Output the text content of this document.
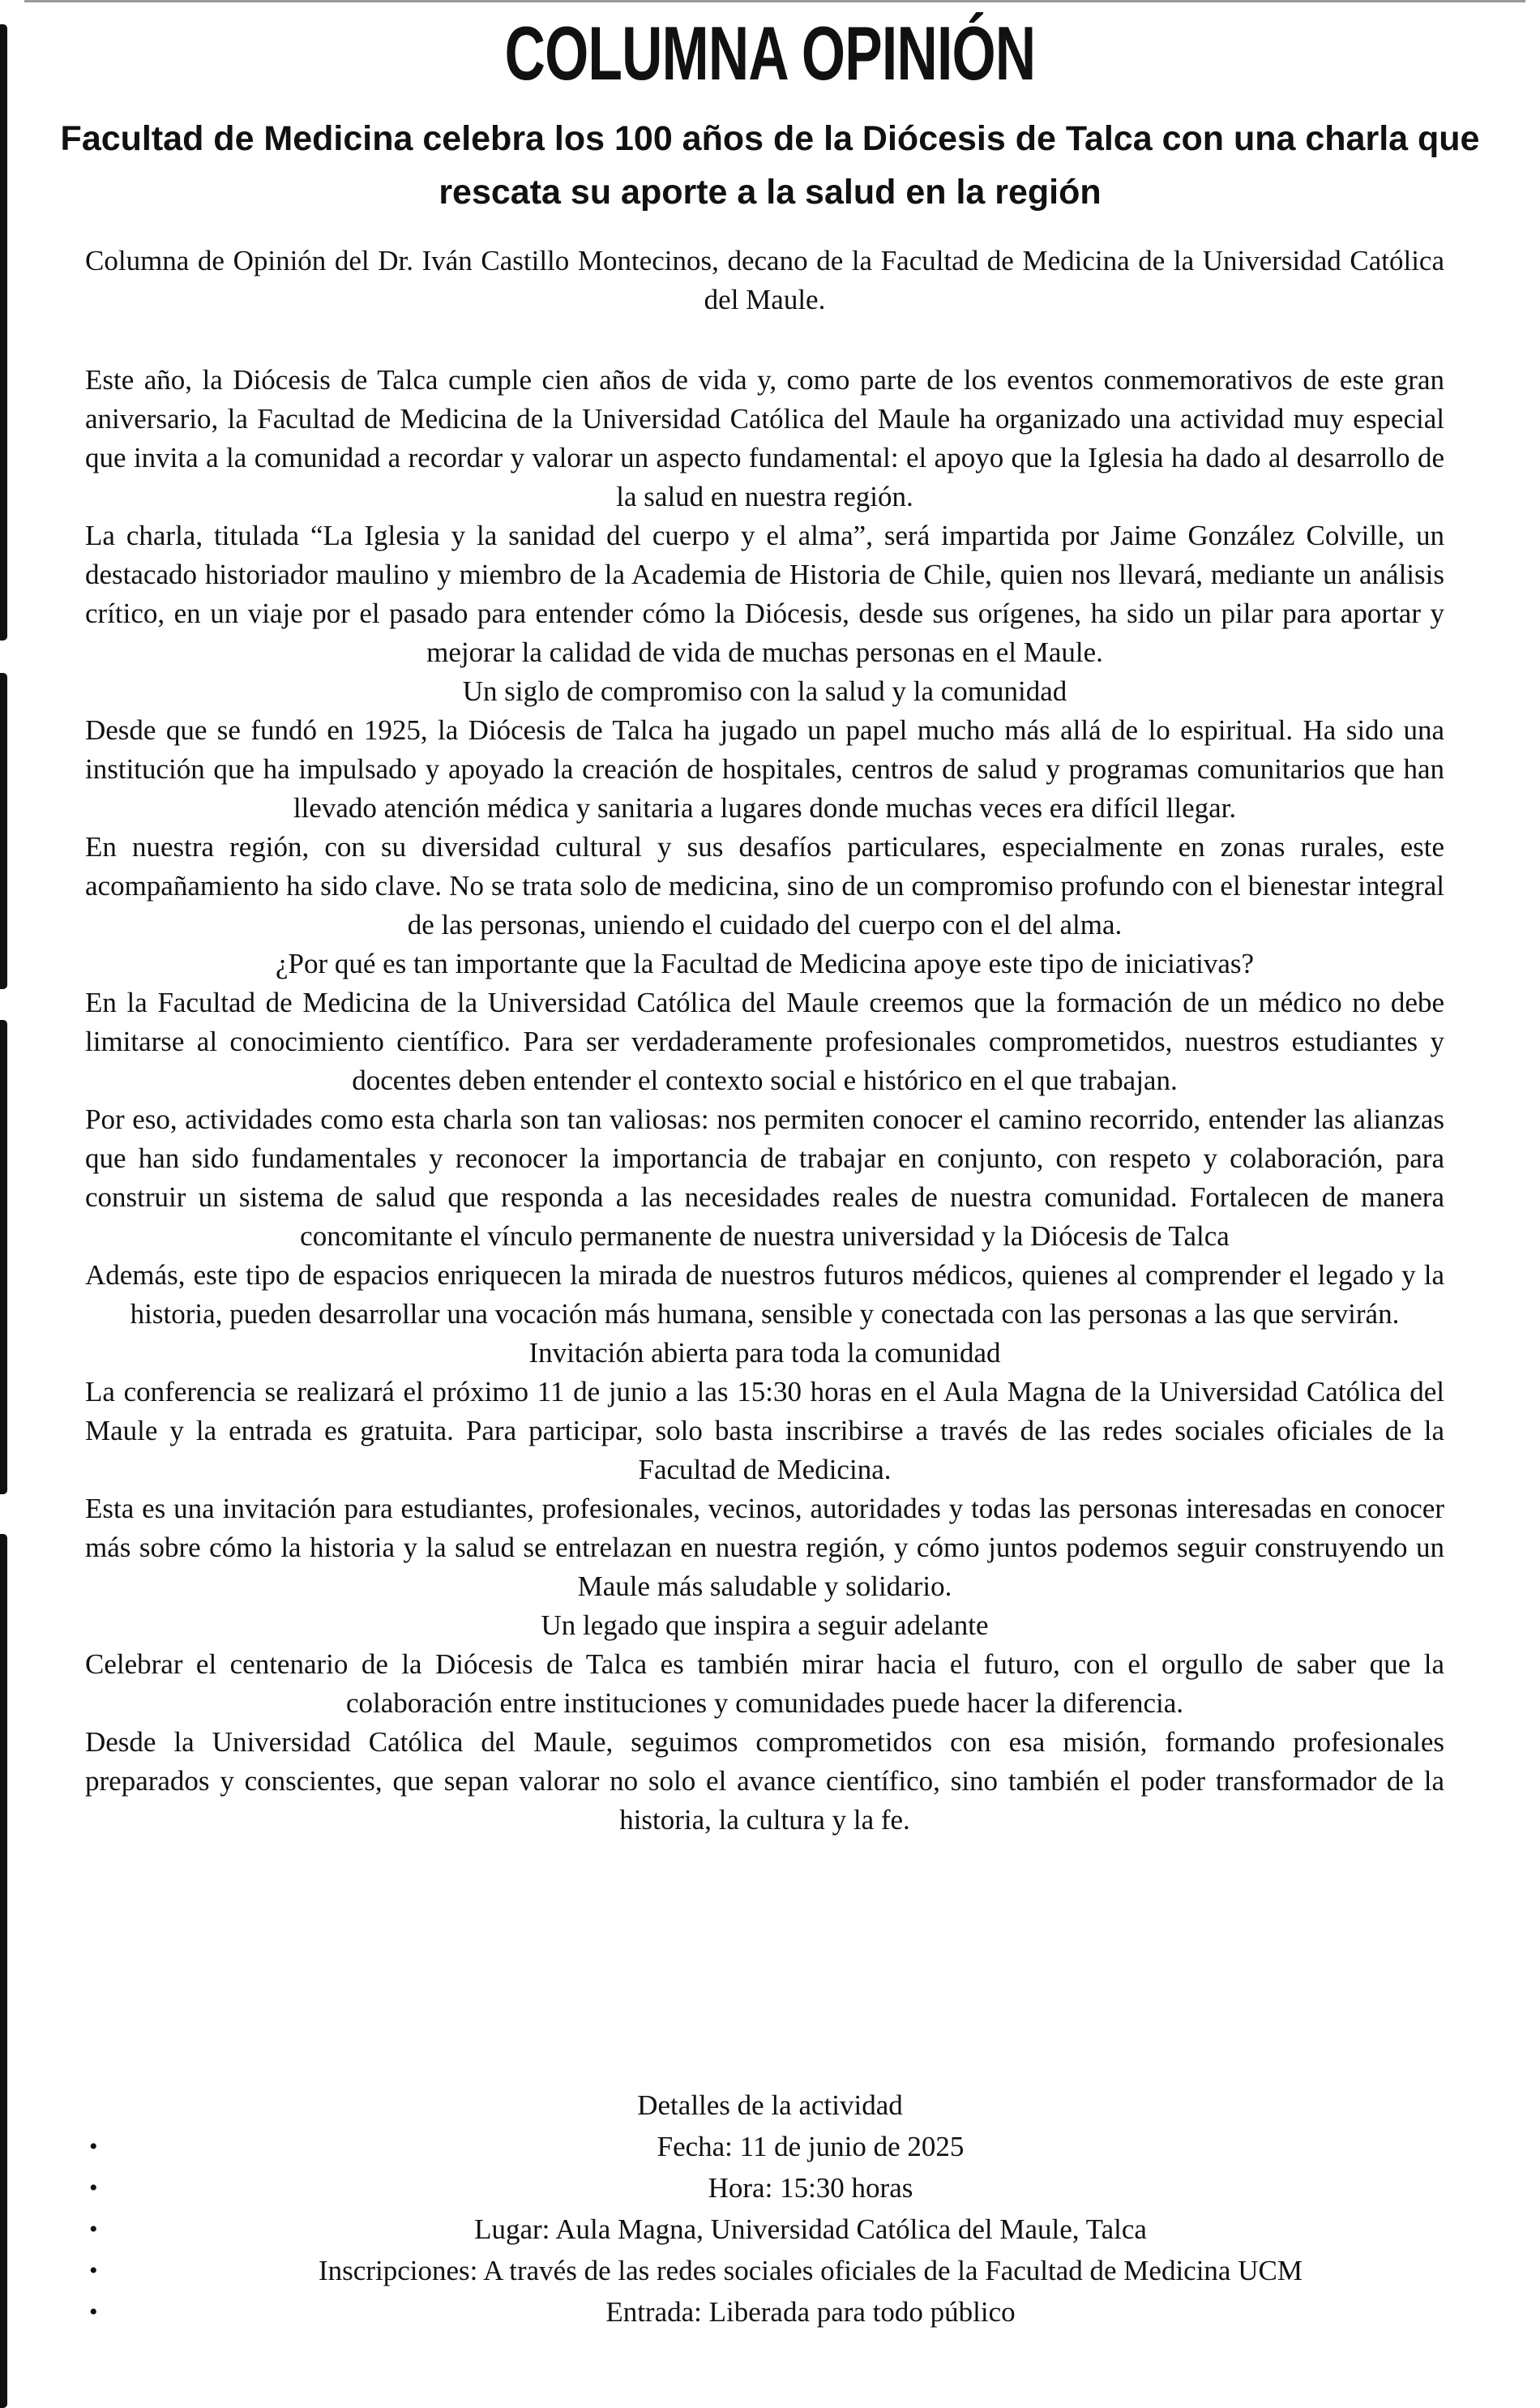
COLUMNA OPINIÓN
Facultad de Medicina celebra los 100 años de la Diócesis de Talca con una charla que rescata su aporte a la salud en la región
Columna de Opinión del Dr. Iván Castillo Montecinos, decano de la Facultad de Medicina de la Universidad Católica del Maule.

Este año, la Diócesis de Talca cumple cien años de vida y, como parte de los eventos conmemorativos de este gran aniversario, la Facultad de Medicina de la Universidad Católica del Maule ha organizado una actividad muy especial que invita a la comunidad a recordar y valorar un aspecto fundamental: el apoyo que la Iglesia ha dado al desarrollo de la salud en nuestra región.

La charla, titulada “La Iglesia y la sanidad del cuerpo y el alma”, será impartida por Jaime González Colville, un destacado historiador maulino y miembro de la Academia de Historia de Chile, quien nos llevará, mediante un análisis crítico, en un viaje por el pasado para entender cómo la Diócesis, desde sus orígenes, ha sido un pilar para aportar y mejorar la calidad de vida de muchas personas en el Maule.

Un siglo de compromiso con la salud y la comunidad

Desde que se fundó en 1925, la Diócesis de Talca ha jugado un papel mucho más allá de lo espiritual. Ha sido una institución que ha impulsado y apoyado la creación de hospitales, centros de salud y programas comunitarios que han llevado atención médica y sanitaria a lugares donde muchas veces era difícil llegar.

En nuestra región, con su diversidad cultural y sus desafíos particulares, especialmente en zonas rurales, este acompañamiento ha sido clave. No se trata solo de medicina, sino de un compromiso profundo con el bienestar integral de las personas, uniendo el cuidado del cuerpo con el del alma.

¿Por qué es tan importante que la Facultad de Medicina apoye este tipo de iniciativas?

En la Facultad de Medicina de la Universidad Católica del Maule creemos que la formación de un médico no debe limitarse al conocimiento científico. Para ser verdaderamente profesionales comprometidos, nuestros estudiantes y docentes deben entender el contexto social e histórico en el que trabajan.

Por eso, actividades como esta charla son tan valiosas: nos permiten conocer el camino recorrido, entender las alianzas que han sido fundamentales y reconocer la importancia de trabajar en conjunto, con respeto y colaboración, para construir un sistema de salud que responda a las necesidades reales de nuestra comunidad. Fortalecen de manera concomitante el vínculo permanente de nuestra universidad y la Diócesis de Talca

Además, este tipo de espacios enriquecen la mirada de nuestros futuros médicos, quienes al comprender el legado y la historia, pueden desarrollar una vocación más humana, sensible y conectada con las personas a las que servirán.

Invitación abierta para toda la comunidad

La conferencia se realizará el próximo 11 de junio a las 15:30 horas en el Aula Magna de la Universidad Católica del Maule y la entrada es gratuita. Para participar, solo basta inscribirse a través de las redes sociales oficiales de la Facultad de Medicina.

Esta es una invitación para estudiantes, profesionales, vecinos, autoridades y todas las personas interesadas en conocer más sobre cómo la historia y la salud se entrelazan en nuestra región, y cómo juntos podemos seguir construyendo un Maule más saludable y solidario.

Un legado que inspira a seguir adelante

Celebrar el centenario de la Diócesis de Talca es también mirar hacia el futuro, con el orgullo de saber que la colaboración entre instituciones y comunidades puede hacer la diferencia.

Desde la Universidad Católica del Maule, seguimos comprometidos con esa misión, formando profesionales preparados y conscientes, que sepan valorar no solo el avance científico, sino también el poder transformador de la historia, la cultura y la fe.

Detalles de la actividad
•	Fecha: 11 de junio de 2025
•	Hora: 15:30 horas
•	Lugar: Aula Magna, Universidad Católica del Maule, Talca
•	Inscripciones: A través de las redes sociales oficiales de la Facultad de Medicina UCM
•	Entrada: Liberada para todo público
